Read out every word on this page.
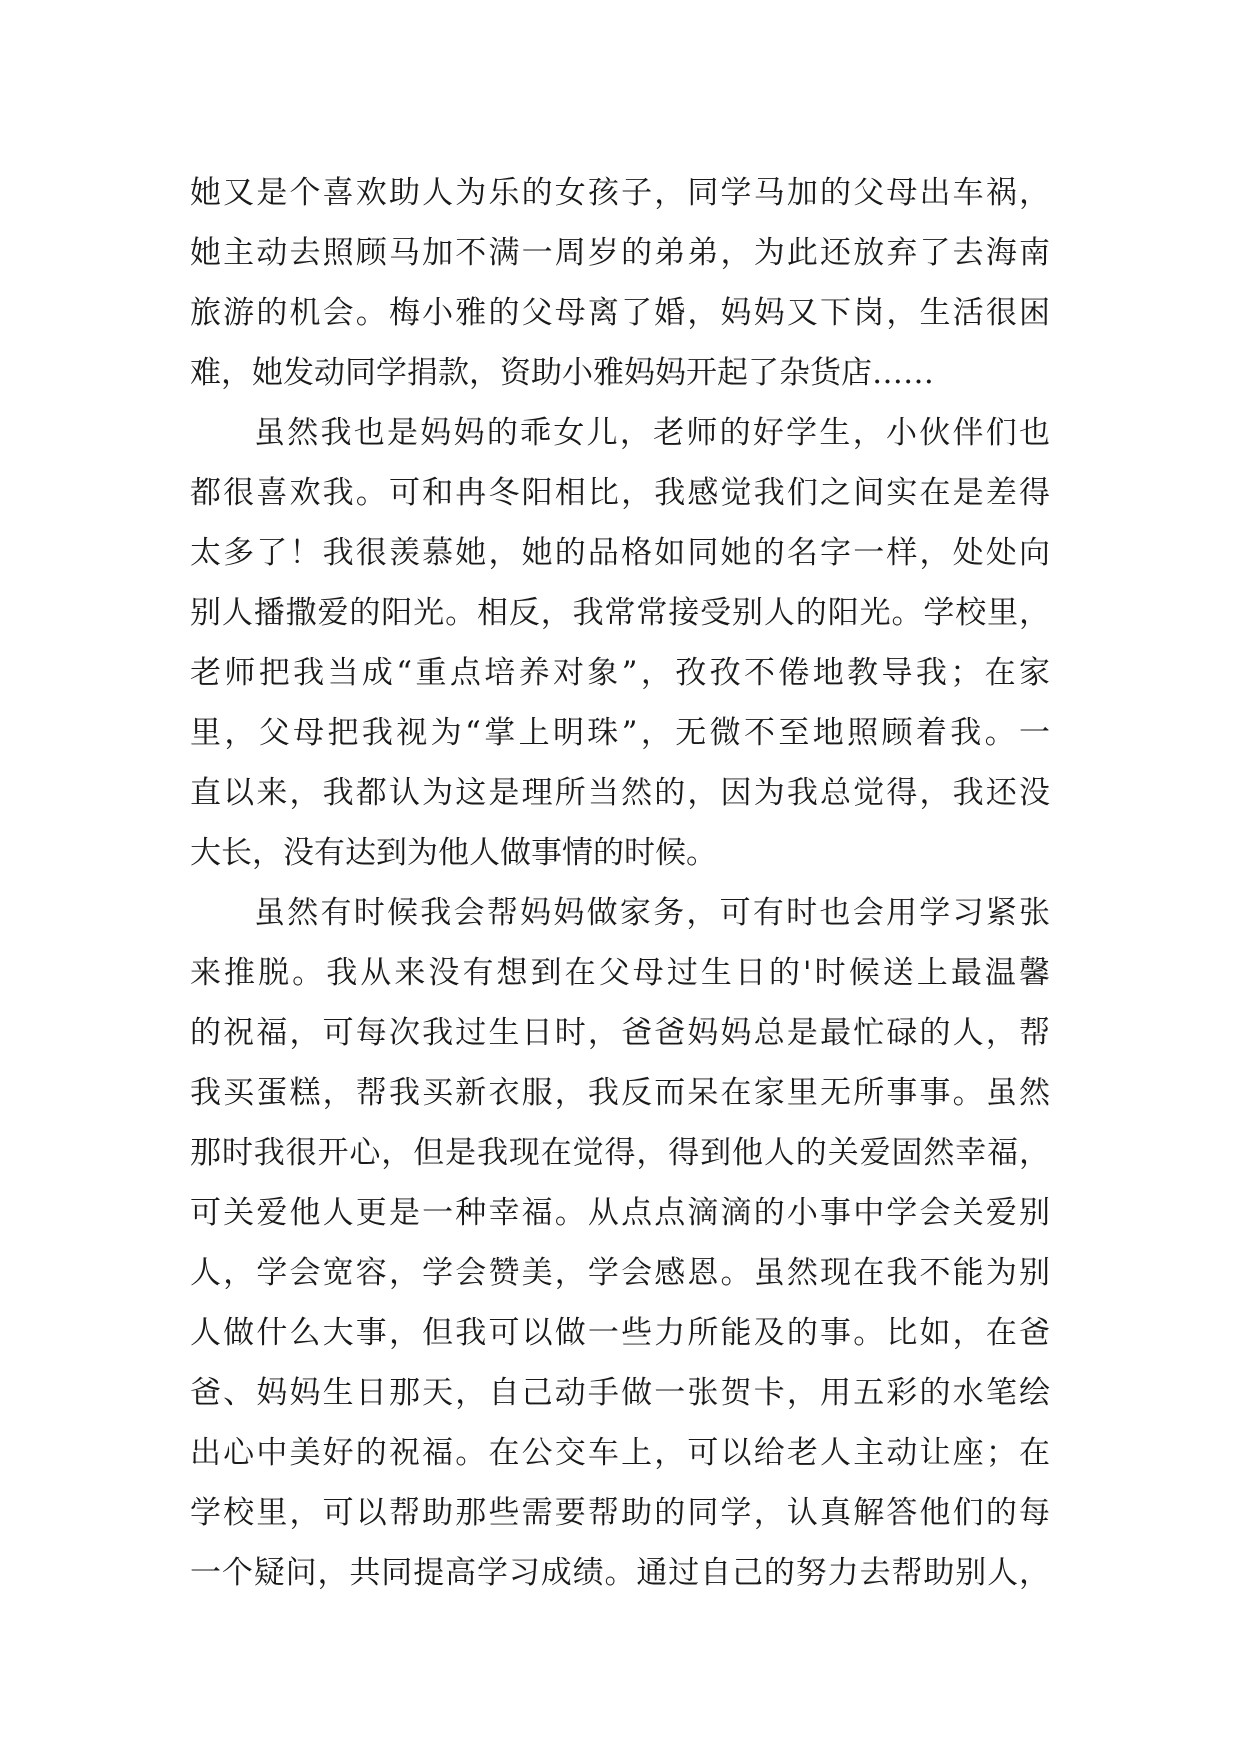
她又是个喜欢助人为乐的女孩子，同学马加的父母出车祸，
她主动去照顾马加不满一周岁的弟弟，为此还放弃了去海南
旅游的机会。梅小雅的父母离了婚，妈妈又下岗，生活很困
难，她发动同学捐款，资助小雅妈妈开起了杂货店……
虽然我也是妈妈的乖女儿，老师的好学生，小伙伴们也
都很喜欢我。可和冉冬阳相比，我感觉我们之间实在是差得
太多了！我很羡慕她，她的品格如同她的名字一样，处处向
别人播撒爱的阳光。相反，我常常接受别人的阳光。学校里，
老师把我当成“重点培养对象”，孜孜不倦地教导我；在家
里，父母把我视为“掌上明珠”，无微不至地照顾着我。一
直以来，我都认为这是理所当然的，因为我总觉得，我还没
大长，没有达到为他人做事情的时候。
虽然有时候我会帮妈妈做家务，可有时也会用学习紧张
来推脱。我从来没有想到在父母过生日的'时候送上最温馨
的祝福，可每次我过生日时，爸爸妈妈总是最忙碌的人，帮
我买蛋糕，帮我买新衣服，我反而呆在家里无所事事。虽然
那时我很开心，但是我现在觉得，得到他人的关爱固然幸福，
可关爱他人更是一种幸福。从点点滴滴的小事中学会关爱别
人，学会宽容，学会赞美，学会感恩。虽然现在我不能为别
人做什么大事，但我可以做一些力所能及的事。比如，在爸
爸、妈妈生日那天，自己动手做一张贺卡，用五彩的水笔绘
出心中美好的祝福。在公交车上，可以给老人主动让座；在
学校里，可以帮助那些需要帮助的同学，认真解答他们的每
一个疑问，共同提高学习成绩。通过自己的努力去帮助别人，
